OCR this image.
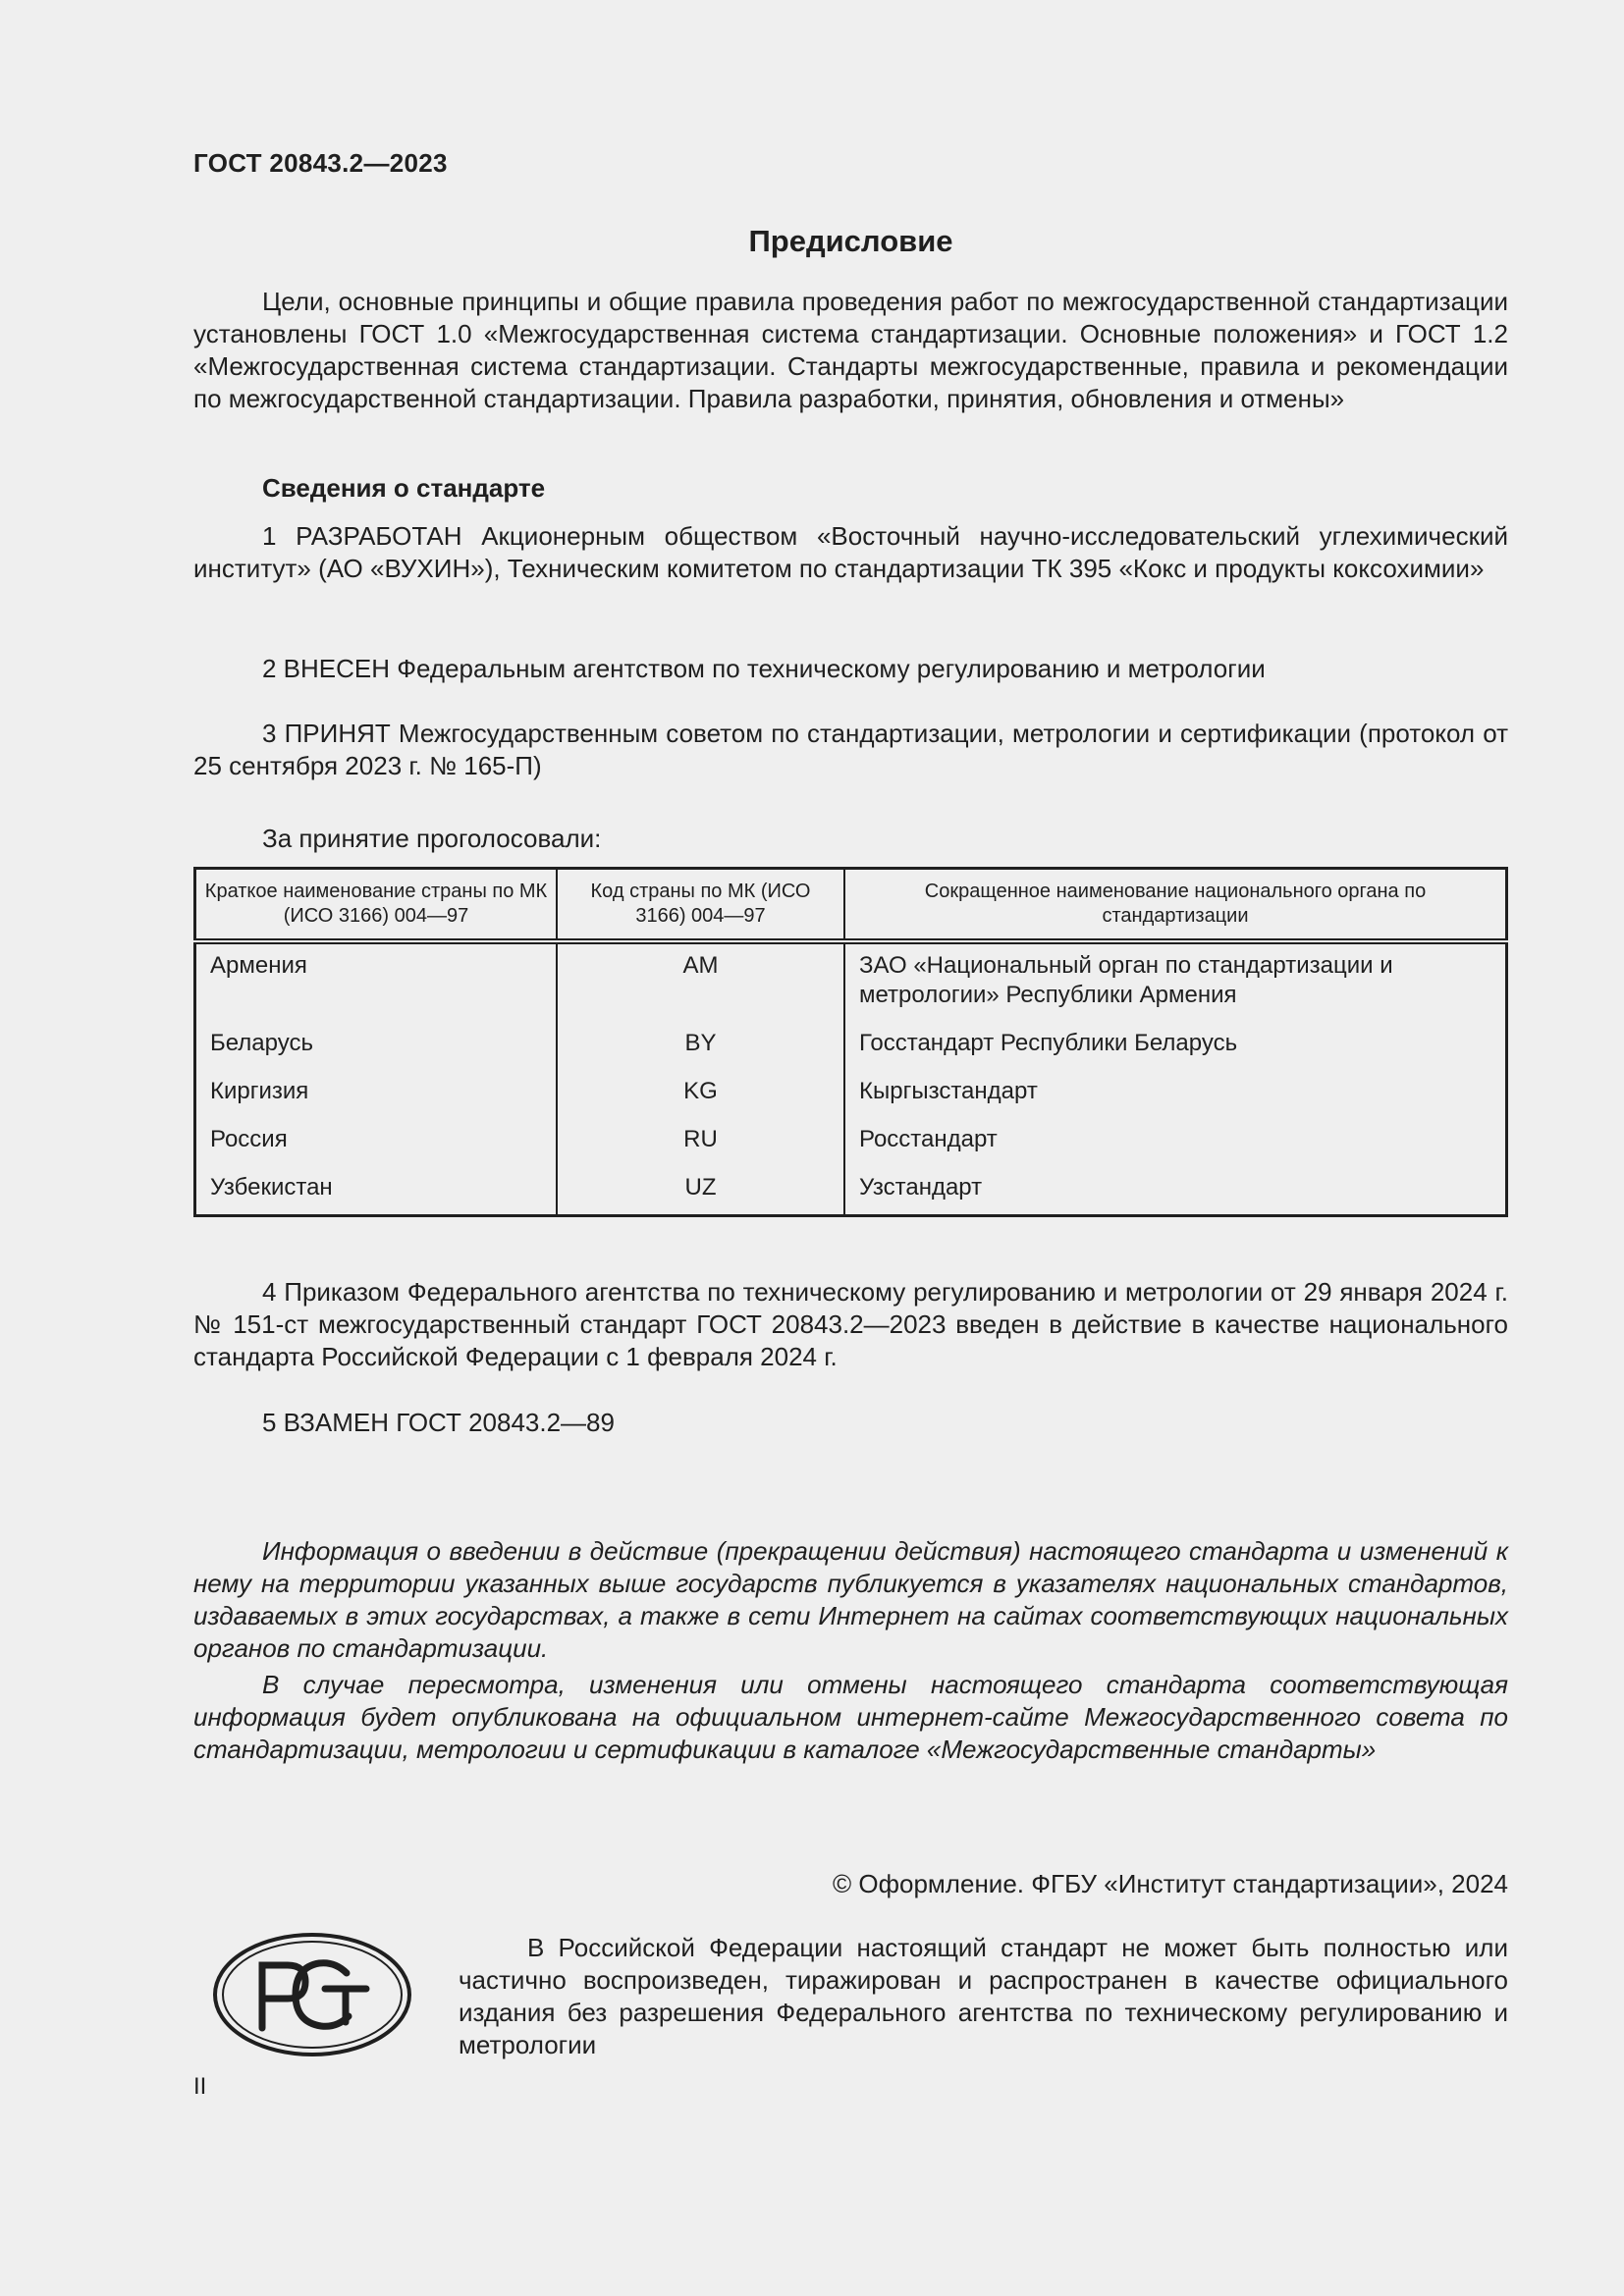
ГОСТ 20843.2—2023
Предисловие
Цели, основные принципы и общие правила проведения работ по межгосударственной стандартизации установлены ГОСТ 1.0 «Межгосударственная система стандартизации. Основные положения» и ГОСТ 1.2 «Межгосударственная система стандартизации. Стандарты межгосударственные, правила и рекомендации по межгосударственной стандартизации. Правила разработки, принятия, обновления и отмены»
Сведения о стандарте
1 РАЗРАБОТАН Акционерным обществом «Восточный научно-исследовательский углехимический институт» (АО «ВУХИН»), Техническим комитетом по стандартизации ТК 395 «Кокс и продукты коксохимии»
2 ВНЕСЕН Федеральным агентством по техническому регулированию и метрологии
3 ПРИНЯТ Межгосударственным советом по стандартизации, метрологии и сертификации (протокол от 25 сентября 2023 г. № 165-П)
За принятие проголосовали:
Краткое наименование страны по МК (ИСО 3166) 004—97	Код страны по МК (ИСО 3166) 004—97	Сокращенное наименование национального органа по стандартизации
Армения	AM	ЗАО «Национальный орган по стандартизации и метрологии» Республики Армения

Беларусь	BY	Госстандарт Республики Беларусь
Киргизия	KG	Кыргызстандарт
Россия	RU	Росстандарт
Узбекистан	UZ	Узстандарт
4 Приказом Федерального агентства по техническому регулированию и метрологии от 29 января 2024 г. № 151-ст межгосударственный стандарт ГОСТ 20843.2—2023 введен в действие в качестве национального стандарта Российской Федерации с 1 февраля 2024 г.
5 ВЗАМЕН ГОСТ 20843.2—89
Информация о введении в действие (прекращении действия) настоящего стандарта и изменений к нему на территории указанных выше государств публикуется в указателях национальных стандартов, издаваемых в этих государствах, а также в сети Интернет на сайтах соответствующих национальных органов по стандартизации.
В случае пересмотра, изменения или отмены настоящего стандарта соответствующая информация будет опубликована на официальном интернет-сайте Межгосударственного совета по стандартизации, метрологии и сертификации в каталоге «Межгосударственные стандарты»
© Оформление. ФГБУ «Институт стандартизации», 2024
В Российской Федерации настоящий стандарт не может быть полностью или частично воспроизведен, тиражирован и распространен в качестве официального издания без разрешения Федерального агентства по техническому регулированию и метрологии
II
